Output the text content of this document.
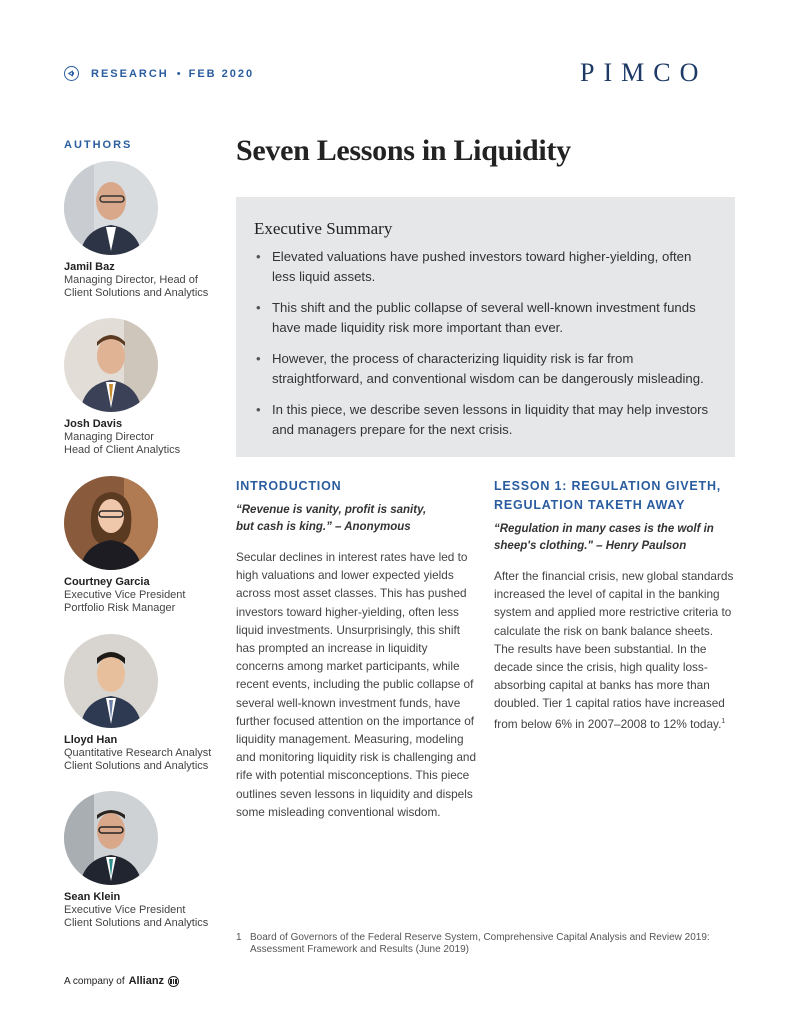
RESEARCH • FEB 2020	PIMCO
AUTHORS
Jamil Baz
Managing Director, Head of
Client Solutions and Analytics
Josh Davis
Managing Director
Head of Client Analytics
Courtney Garcia
Executive Vice President
Portfolio Risk Manager
Lloyd Han
Quantitative Research Analyst
Client Solutions and Analytics
Sean Klein
Executive Vice President
Client Solutions and Analytics
Seven Lessons in Liquidity
Executive Summary
• Elevated valuations have pushed investors toward higher-yielding, often less liquid assets.
• This shift and the public collapse of several well-known investment funds have made liquidity risk more important than ever.
• However, the process of characterizing liquidity risk is far from straightforward, and conventional wisdom can be dangerously misleading.
• In this piece, we describe seven lessons in liquidity that may help investors and managers prepare for the next crisis.
INTRODUCTION
“Revenue is vanity, profit is sanity,
but cash is king.” – Anonymous

Secular declines in interest rates have led to high valuations and lower expected yields across most asset classes. This has pushed investors toward higher-yielding, often less liquid investments. Unsurprisingly, this shift has prompted an increase in liquidity concerns among market participants, while recent events, including the public collapse of several well-known investment funds, have further focused attention on the importance of liquidity management. Measuring, modeling and monitoring liquidity risk is challenging and rife with potential misconceptions. This piece outlines seven lessons in liquidity and dispels some misleading conventional wisdom.

LESSON 1: REGULATION GIVETH,
REGULATION TAKETH AWAY
“Regulation in many cases is the wolf in
sheep's clothing." – Henry Paulson

After the financial crisis, new global standards increased the level of capital in the banking system and applied more restrictive criteria to calculate the risk on bank balance sheets. The results have been substantial. In the decade since the crisis, high quality loss-absorbing capital at banks has more than doubled. Tier 1 capital ratios have increased from below 6% in 2007–2008 to 12% today.$^1$

1 Board of Governors of the Federal Reserve System, Comprehensive Capital Analysis and Review 2019:
Assessment Framework and Results (June 2019)
A company of Allianz
